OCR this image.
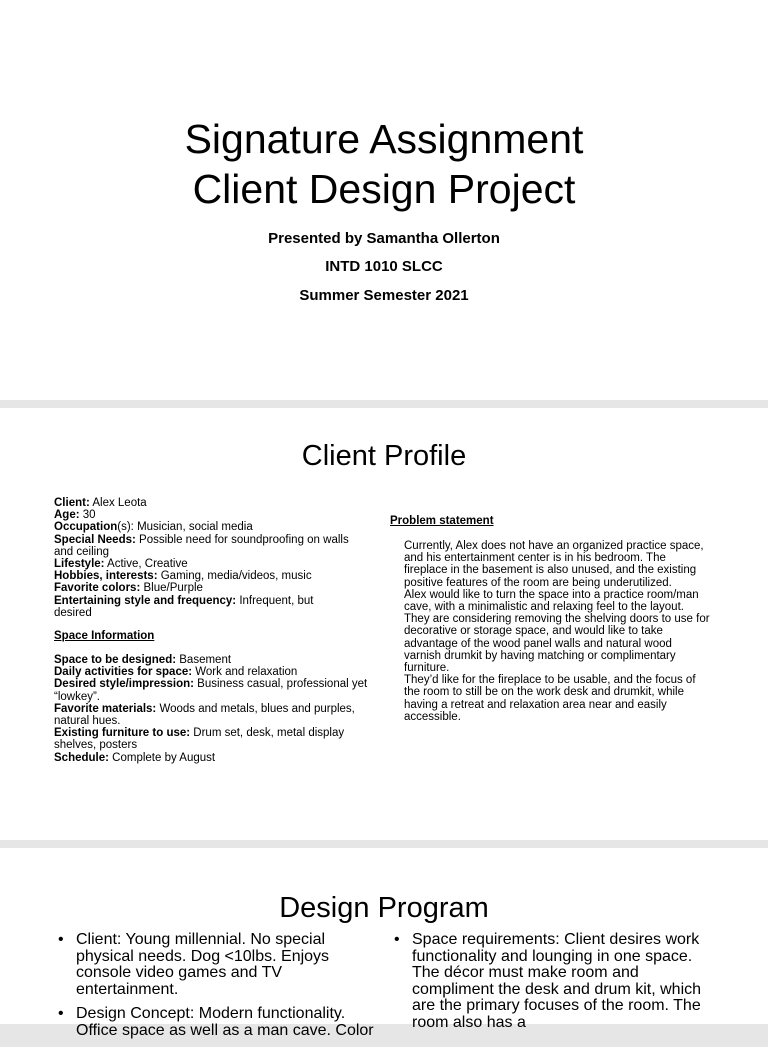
Signature Assignment
Client Design Project
Presented by Samantha Ollerton
INTD 1010 SLCC
Summer Semester 2021
Client Profile

Client: Alex Leota

Age: 30

Occupation(s): Musician, social media

Special Needs: Possible need for soundproofing on walls and ceiling

Lifestyle: Active, Creative

Hobbies, interests: Gaming, media/videos, music

Favorite colors: Blue/Purple

Entertaining style and frequency: Infrequent, but desired

Space Information

Space to be designed: Basement

Daily activities for space: Work and relaxation

Desired style/impression: Business casual, professional yet “lowkey”.

Favorite materials: Woods and metals, blues and purples, natural hues.

Existing furniture to use: Drum set, desk, metal display shelves, posters

Schedule: Complete by August

Problem statement

Currently, Alex does not have an organized practice space, and his entertainment center is in his bedroom. The fireplace in the basement is also unused, and the existing positive features of the room are being underutilized.

Alex would like to turn the space into a practice room/man cave, with a minimalistic and relaxing feel to the layout. They are considering removing the shelving doors to use for decorative or storage space, and would like to take advantage of the wood panel walls and natural wood varnish drumkit by having matching or complimentary furniture.

They’d like for the fireplace to be usable, and the focus of the room to still be on the work desk and drumkit, while having a retreat and relaxation area near and easily accessible.

Design Program
• Client: Young millennial. No special physical needs. Dog <10lbs. Enjoys console video games and TV entertainment.
• Design Concept: Modern functionality. Office space as well as a man cave. Color
• Space requirements: Client desires work functionality and lounging in one space. The décor must make room and compliment the desk and drum kit, which are the primary focuses of the room. The room also has a
